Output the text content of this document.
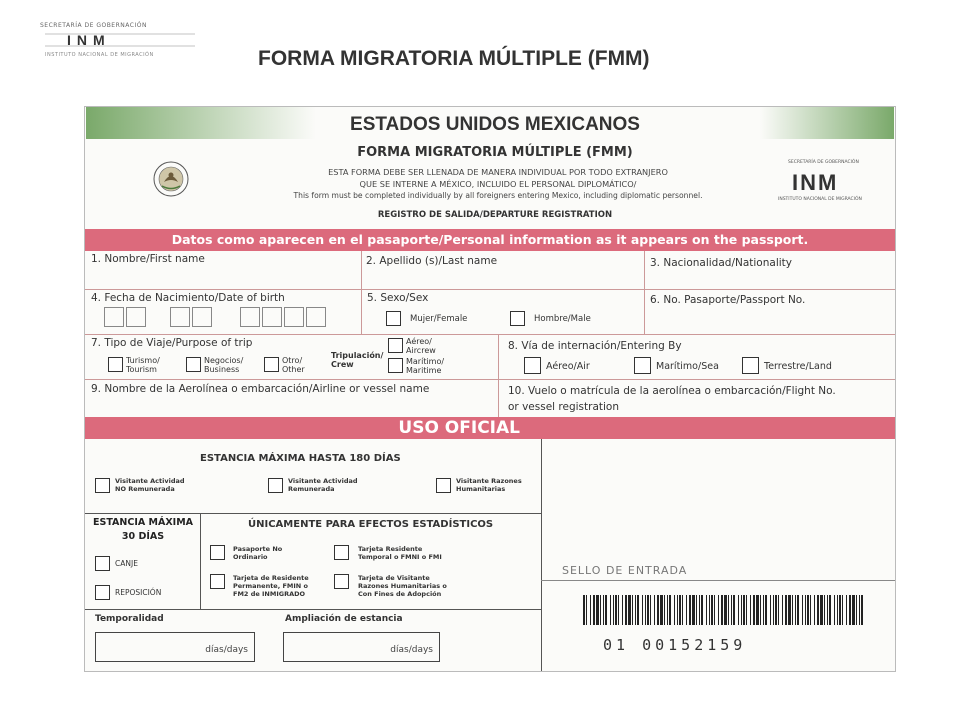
SECRETARÍA DE GOBERNACIÓN
INM
INSTITUTO NACIONAL DE MIGRACIÓN	FORMA MIGRATORIA MÚLTIPLE (FMM)
ESTADOS UNIDOS MEXICANOS
FORMA MIGRATORIA MÚLTIPLE (FMM)
ESTA FORMA DEBE SER LLENADA DE MANERA INDIVIDUAL POR TODO EXTRANJERO
QUE SE INTERNE A MÉXICO, INCLUIDO EL PERSONAL DIPLOMÁTICO/
This form must be completed individually by all foreigners entering Mexico, including diplomatic personnel.
REGISTRO DE SALIDA/DEPARTURE REGISTRATION
SECRETARÍA DE GOBERNACIÓN
INM
INSTITUTO NACIONAL DE MIGRACIÓN
Datos como aparecen en el pasaporte/Personal information as it appears on the passport.
1. Nombre/First name	2. Apellido (s)/Last name	3. Nacionalidad/Nationality
4. Fecha de Nacimiento/Date of birth	5. Sexo/Sex
Mujer/Female	Hombre/Male
6. No. Pasaporte/Passport No.
7. Tipo de Viaje/Purpose of trip
Turismo/
Tourism
Negocios/
Business
Otro/
Other
Tripulación/
Crew
Aéreo/
Aircrew
Marítimo/
Maritime
8. Vía de internación/Entering By
Aéreo/Air	Marítimo/Sea	Terrestre/Land
9. Nombre de la Aerolínea o embarcación/Airline or vessel name	10. Vuelo o matrícula de la aerolínea o embarcación/Flight No.
or vessel registration
USO OFICIAL
ESTANCIA MÁXIMA HASTA 180 DÍAS
Visitante Actividad
NO Remunerada
Visitante Actividad
Remunerada
Visitante Razones
Humanitarias
ESTANCIA MÁXIMA
30 DÍAS
CANJE
REPOSICIÓN
ÚNICAMENTE PARA EFECTOS ESTADÍSTICOS
Pasaporte No
Ordinario
Tarjeta Residente
Temporal o FMNI o FMI
Tarjeta de Residente
Permanente, FMIN o
FM2 de INMIGRADO
Tarjeta de Visitante
Razones Humanitarias o
Con Fines de Adopción
Temporalidad
días/days
Ampliación de estancia
días/days
SELLO DE ENTRADA
01 00152159
